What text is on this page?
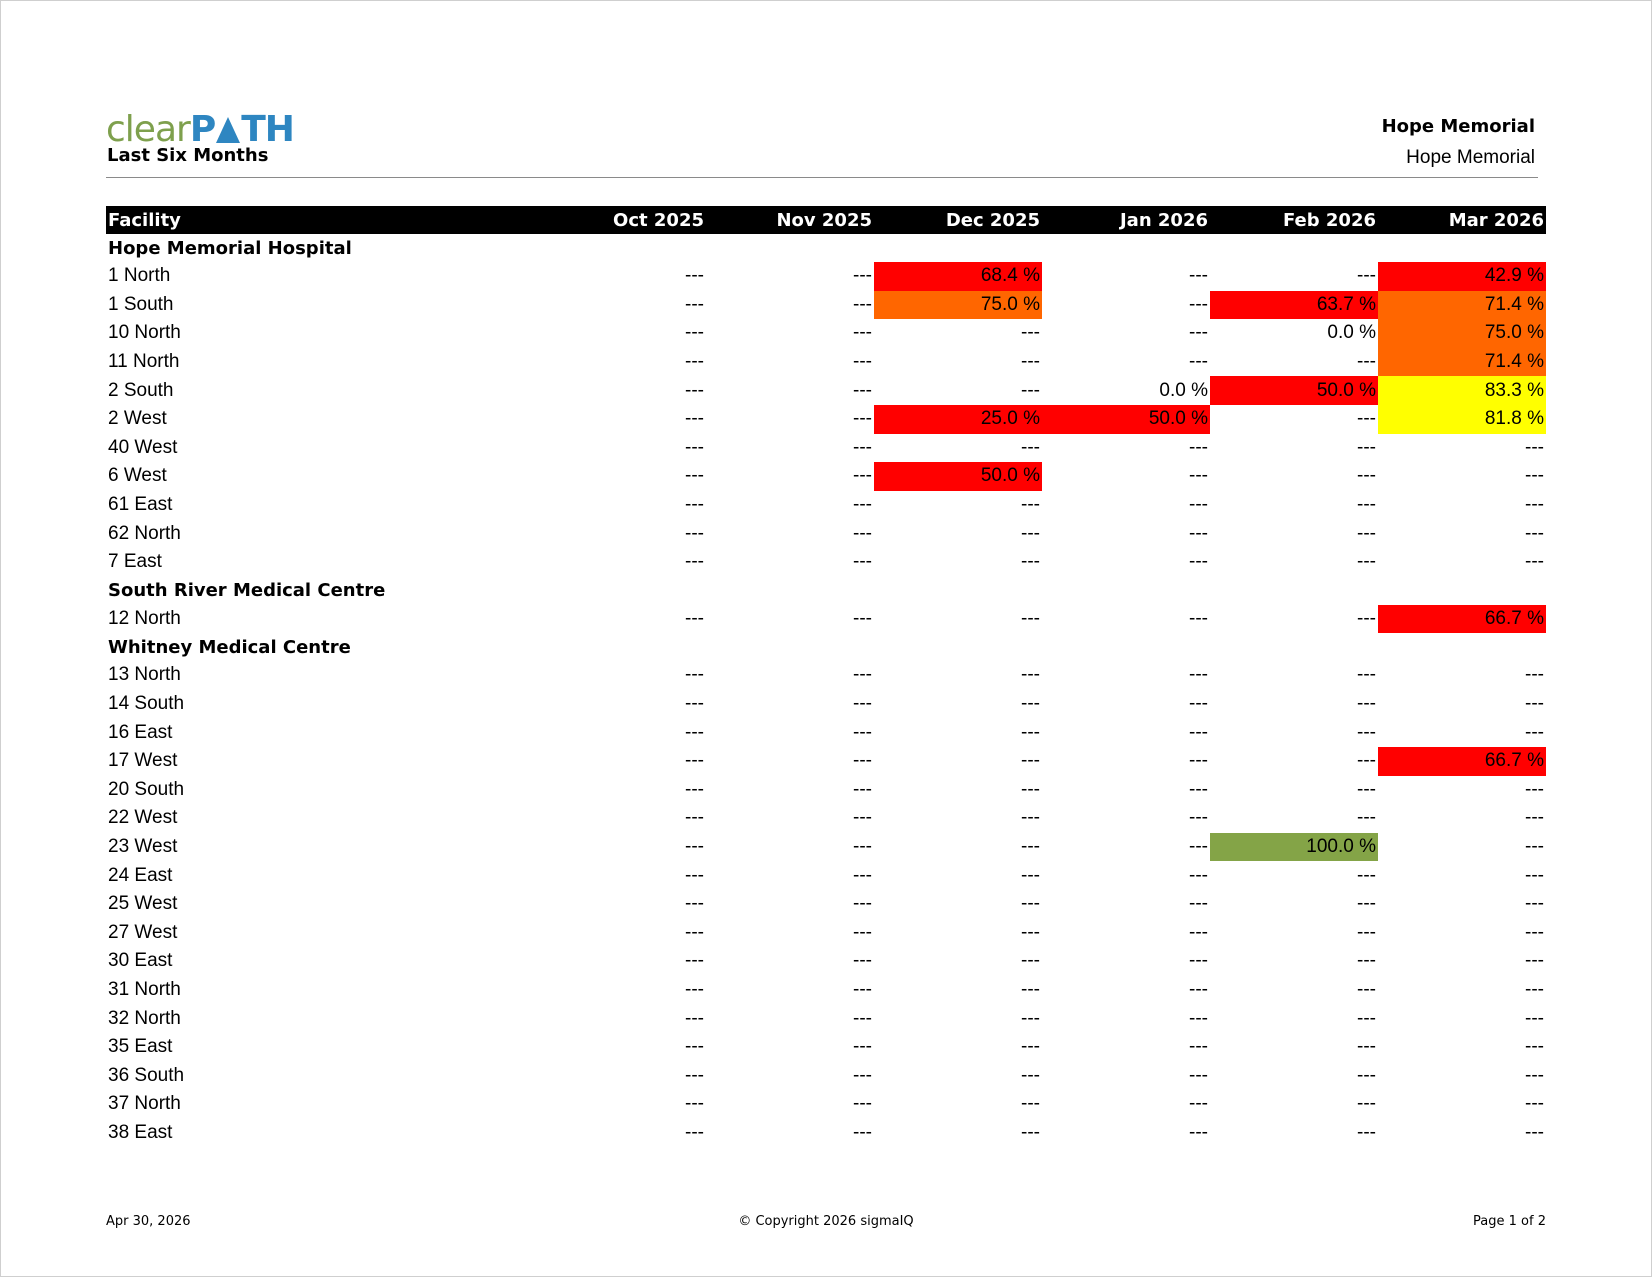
clearP TH
Last Six Months
Hope Memorial
Hope Memorial
Facility	Oct 2025	Nov 2025	Dec 2025	Jan 2026	Feb 2026	Mar 2026
Hope Memorial Hospital						
1 North	---	---	68.4 %	---	---	42.9 %
1 South	---	---	75.0 %	---	63.7 %	71.4 %
10 North	---	---	---	---	0.0 %	75.0 %
11 North	---	---	---	---	---	71.4 %
2 South	---	---	---	0.0 %	50.0 %	83.3 %
2 West	---	---	25.0 %	50.0 %	---	81.8 %
40 West	---	---	---	---	---	---
6 West	---	---	50.0 %	---	---	---
61 East	---	---	---	---	---	---
62 North	---	---	---	---	---	---
7 East	---	---	---	---	---	---
South River Medical Centre						
12 North	---	---	---	---	---	66.7 %
Whitney Medical Centre						
13 North	---	---	---	---	---	---
14 South	---	---	---	---	---	---
16 East	---	---	---	---	---	---
17 West	---	---	---	---	---	66.7 %
20 South	---	---	---	---	---	---
22 West	---	---	---	---	---	---
23 West	---	---	---	---	100.0 %	---
24 East	---	---	---	---	---	---
25 West	---	---	---	---	---	---
27 West	---	---	---	---	---	---
30 East	---	---	---	---	---	---
31 North	---	---	---	---	---	---
32 North	---	---	---	---	---	---
35 East	---	---	---	---	---	---
36 South	---	---	---	---	---	---
37 North	---	---	---	---	---	---
38 East	---	---	---	---	---	---
Apr 30, 2026	© Copyright 2026 sigmaIQ	Page 1 of 2
